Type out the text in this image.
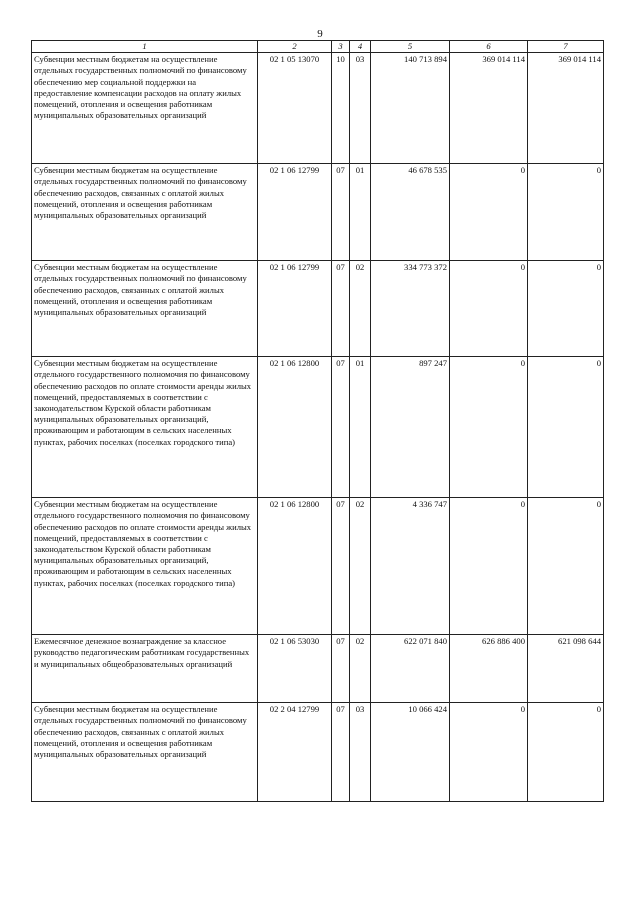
9
1	2	3	4	5	6	7
Субвенции местным бюджетам на осуществление отдельных государственных полномочий по финансовому обеспечению мер социальной поддержки на предоставление компенсации расходов на оплату жилых помещений, отопления и освещения работникам муниципальных образовательных организаций	02 1 05 13070	10	03	140 713 894	369 014 114	369 014 114
Субвенции местным бюджетам на осуществление отдельных государственных полномочий по финансовому обеспечению расходов, связанных с оплатой жилых помещений, отопления и освещения работникам муниципальных образовательных организаций	02 1 06 12799	07	01	46 678 535	0	0
Субвенции местным бюджетам на осуществление отдельных государственных полномочий по финансовому обеспечению расходов, связанных с оплатой жилых помещений, отопления и освещения работникам муниципальных образовательных организаций	02 1 06 12799	07	02	334 773 372	0	0
Субвенции местным бюджетам на осуществление отдельного государственного полномочия по финансовому обеспечению расходов по оплате стоимости аренды жилых помещений, предоставляемых в соответствии с законодательством Курской области работникам муниципальных образовательных организаций, проживающим и работающим в сельских населенных пунктах, рабочих поселках (поселках городского типа)	02 1 06 12800	07	01	897 247	0	0
Субвенции местным бюджетам на осуществление отдельного государственного полномочия по финансовому обеспечению расходов по оплате стоимости аренды жилых помещений, предоставляемых в соответствии с законодательством Курской области работникам муниципальных образовательных организаций, проживающим и работающим в сельских населенных пунктах, рабочих поселках (поселках городского типа)	02 1 06 12800	07	02	4 336 747	0	0
Ежемесячное денежное вознаграждение за классное руководство педагогическим работникам государственных и муниципальных общеобразовательных организаций	02 1 06 53030	07	02	622 071 840	626 886 400	621 098 644
Субвенции местным бюджетам на осуществление отдельных государственных полномочий по финансовому обеспечению расходов, связанных с оплатой жилых помещений, отопления и освещения работникам муниципальных образовательных организаций	02 2 04 12799	07	03	10 066 424	0	0
